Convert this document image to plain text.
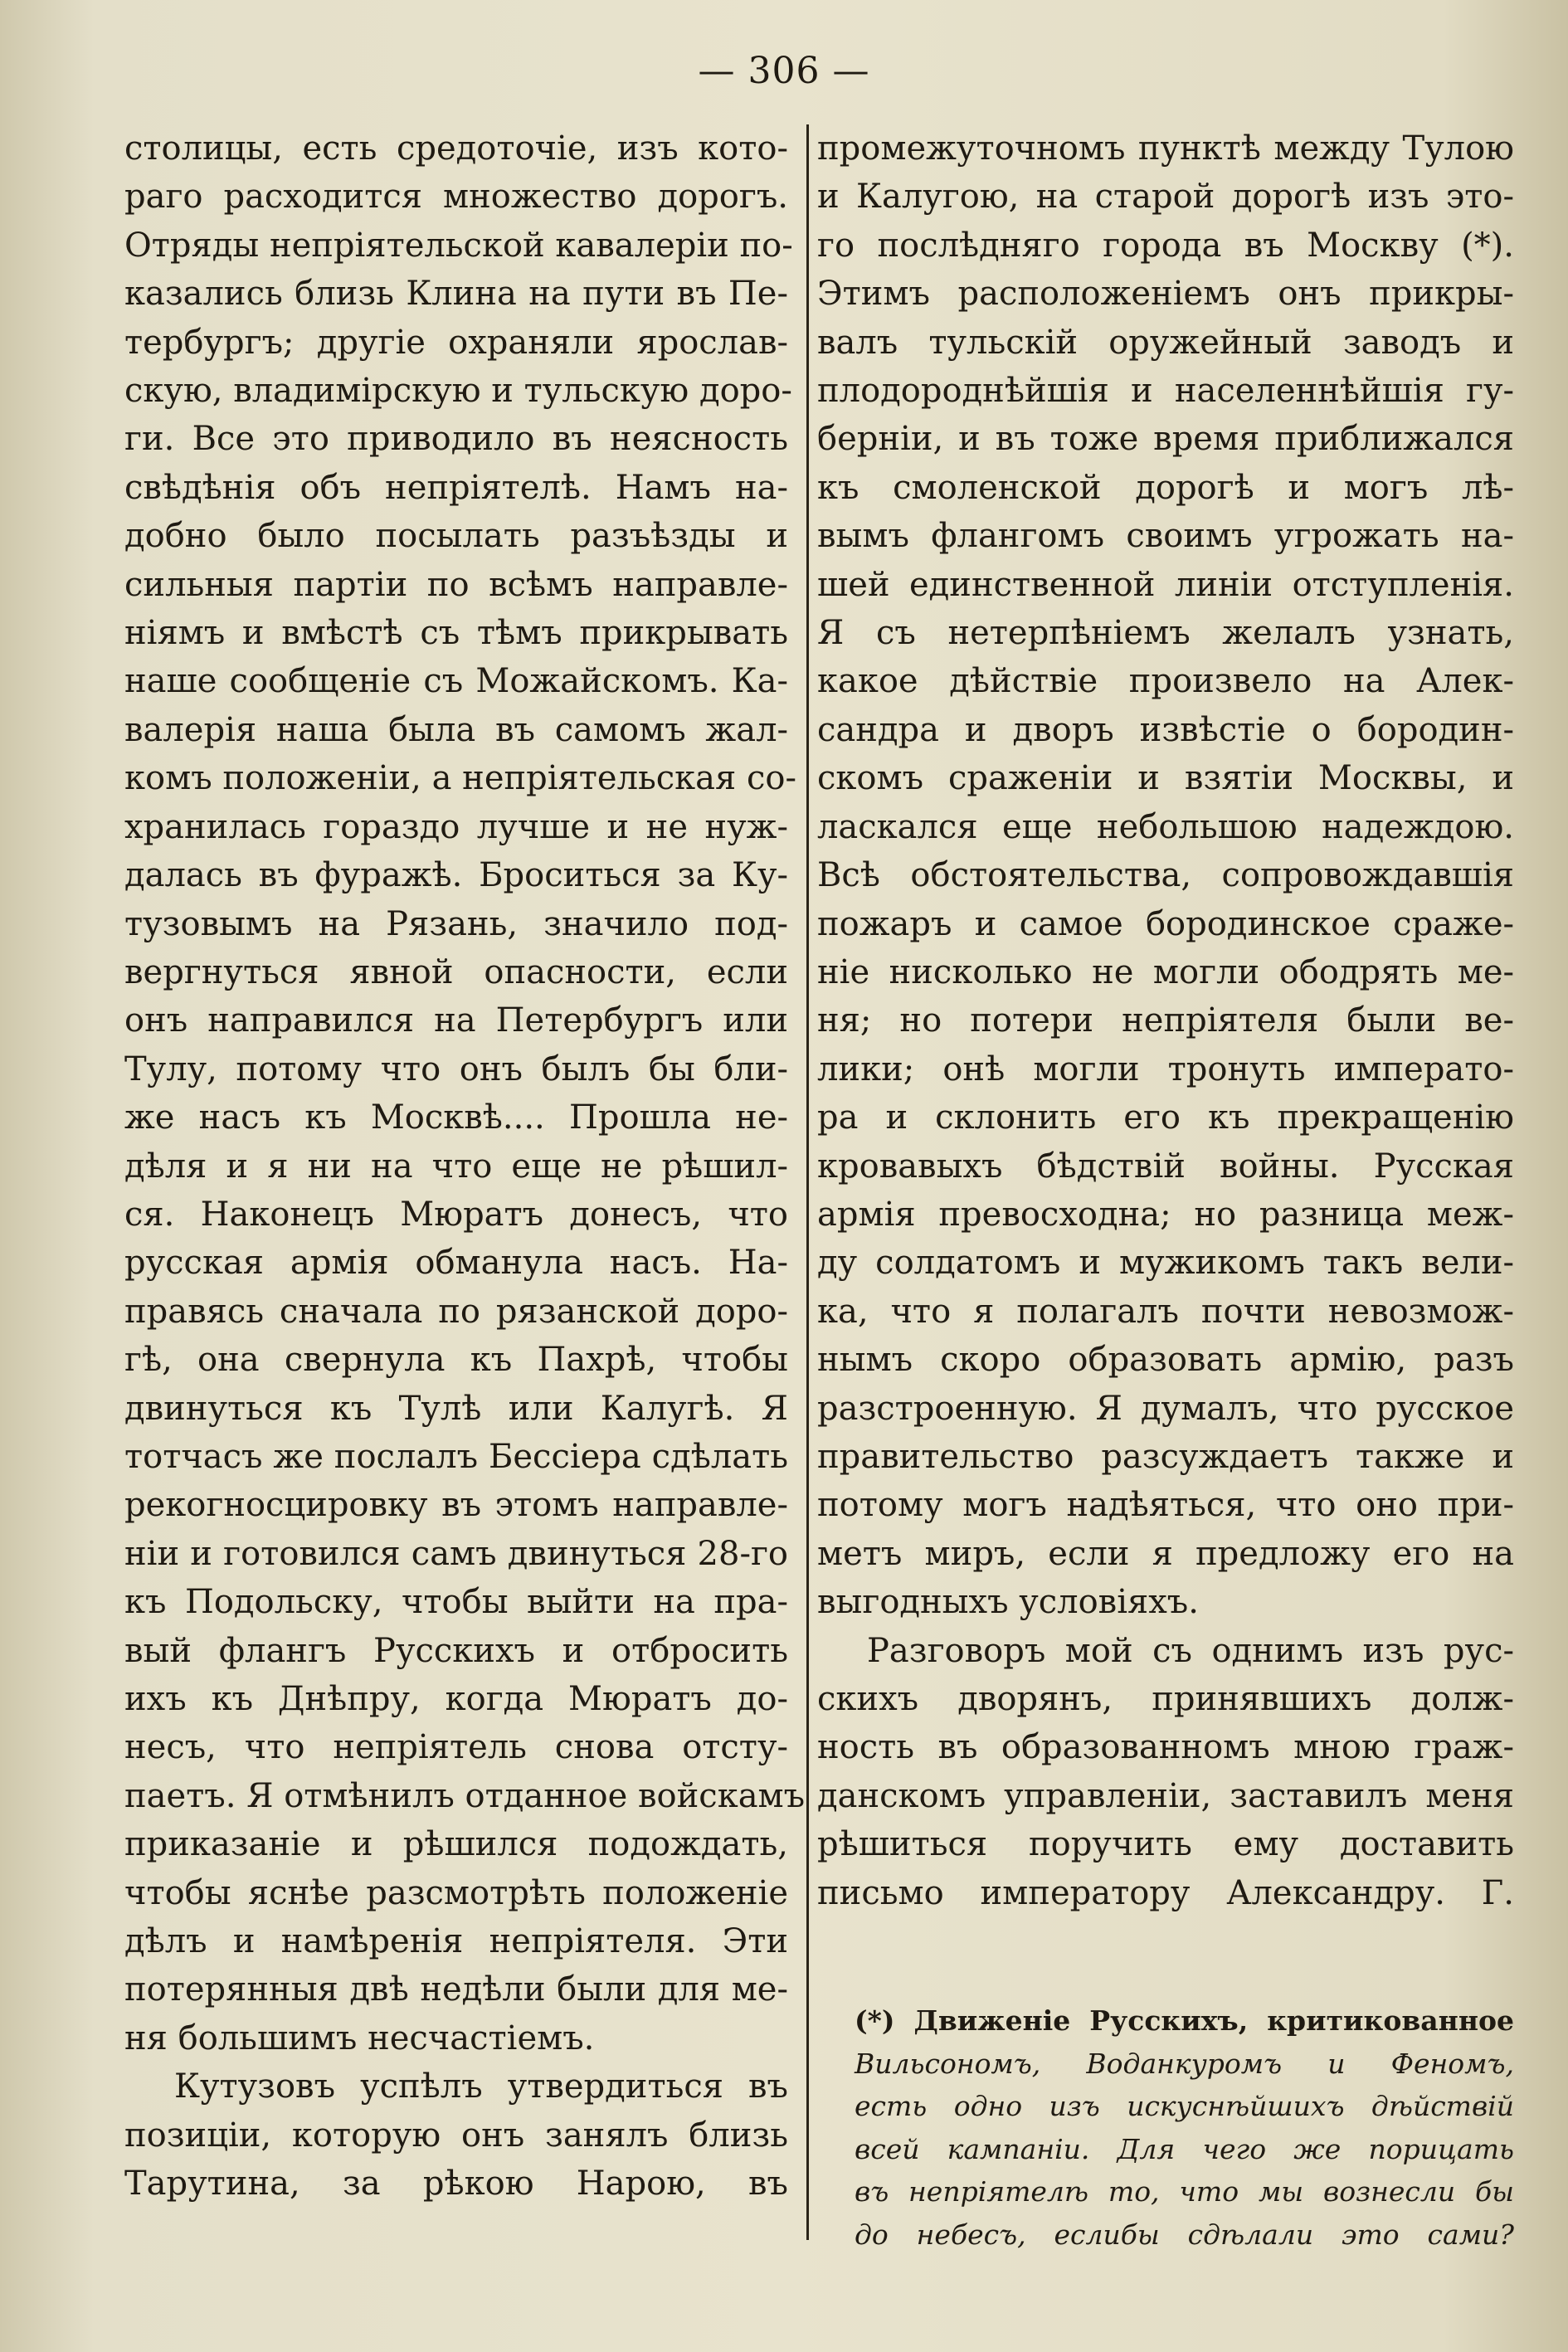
— 306 —
столицы, есть средоточіе, изъ кото-
раго расходится множество дорогъ.
Отряды непріятельской кавалеріи по-
казались близь Клина на пути въ Пе-
тербургъ; другіе охраняли ярослав-
скую, владимірскую и тульскую доро-
ги. Все это приводило въ неясность
свѣдѣнія объ непріятелѣ. Намъ на-
добно было посылать разъѣзды и
сильныя партіи по всѣмъ направле-
ніямъ и вмѣстѣ съ тѣмъ прикрывать
наше сообщеніе съ Можайскомъ. Ка-
валерія наша была въ самомъ жал-
комъ положеніи, а непріятельская со-
хранилась гораздо лучше и не нуж-
далась въ фуражѣ. Броситься за Ку-
тузовымъ на Рязань, значило под-
вергнуться явной опасности, если
онъ направился на Петербургъ или
Тулу, потому что онъ былъ бы бли-
же насъ къ Москвѣ.... Прошла не-
дѣля и я ни на что еще не рѣшил-
ся. Наконецъ Мюратъ донесъ, что
русская армія обманула насъ. На-
правясь сначала по рязанской доро-
гѣ, она свернула къ Пахрѣ, чтобы
двинуться къ Тулѣ или Калугѣ. Я
тотчасъ же послалъ Бессіера сдѣлать
рекогносцировку въ этомъ направле-
ніи и готовился самъ двинуться 28-го
къ Подольску, чтобы выйти на пра-
вый флангъ Русскихъ и отбросить
ихъ къ Днѣпру, когда Мюратъ до-
несъ, что непріятель снова отсту-
паетъ. Я отмѣнилъ отданное войскамъ
приказаніе и рѣшился подождать,
чтобы яснѣе разсмотрѣть положеніе
дѣлъ и намѣренія непріятеля. Эти
потерянныя двѣ недѣли были для ме-
ня большимъ несчастіемъ.
Кутузовъ успѣлъ утвердиться въ
позиціи, которую онъ занялъ близь
Тарутина, за рѣкою Нарою, въ
промежуточномъ пунктѣ между Тулою
и Калугою, на старой дорогѣ изъ это-
го послѣдняго города въ Москву (*).
Этимъ расположеніемъ онъ прикры-
валъ тульскій оружейный заводъ и
плодороднѣйшія и населеннѣйшія гу-
берніи, и въ тоже время приближался
къ смоленской дорогѣ и могъ лѣ-
вымъ флангомъ своимъ угрожать на-
шей единственной линіи отступленія.
Я съ нетерпѣніемъ желалъ узнать,
какое дѣйствіе произвело на Алек-
сандра и дворъ извѣстіе о бородин-
скомъ сраженіи и взятіи Москвы, и
ласкался еще небольшою надеждою.
Всѣ обстоятельства, сопровождавшія
пожаръ и самое бородинское сраже-
ніе нисколько не могли ободрять ме-
ня; но потери непріятеля были ве-
лики; онѣ могли тронуть императо-
ра и склонить его къ прекращенію
кровавыхъ бѣдствій войны. Русская
армія превосходна; но разница меж-
ду солдатомъ и мужикомъ такъ вели-
ка, что я полагалъ почти невозмож-
нымъ скоро образовать армію, разъ
разстроенную. Я думалъ, что русское
правительство разсуждаетъ также и
потому могъ надѣяться, что оно при-
метъ миръ, если я предложу его на
выгодныхъ условіяхъ.
Разговоръ мой съ однимъ изъ рус-
скихъ дворянъ, принявшихъ долж-
ность въ образованномъ мною граж-
данскомъ управленіи, заставилъ меня
рѣшиться поручить ему доставить
письмо императору Александру. Г.
(*) Движеніе Русскихъ, критикованное
Вильсономъ, Воданкуромъ и Феномъ,
есть одно изъ искуснѣйшихъ дѣйствій
всей кампаніи. Для чего же порицать
въ непріятелѣ то, что мы вознесли бы
до небесъ, еслибы сдѣлали это сами?
